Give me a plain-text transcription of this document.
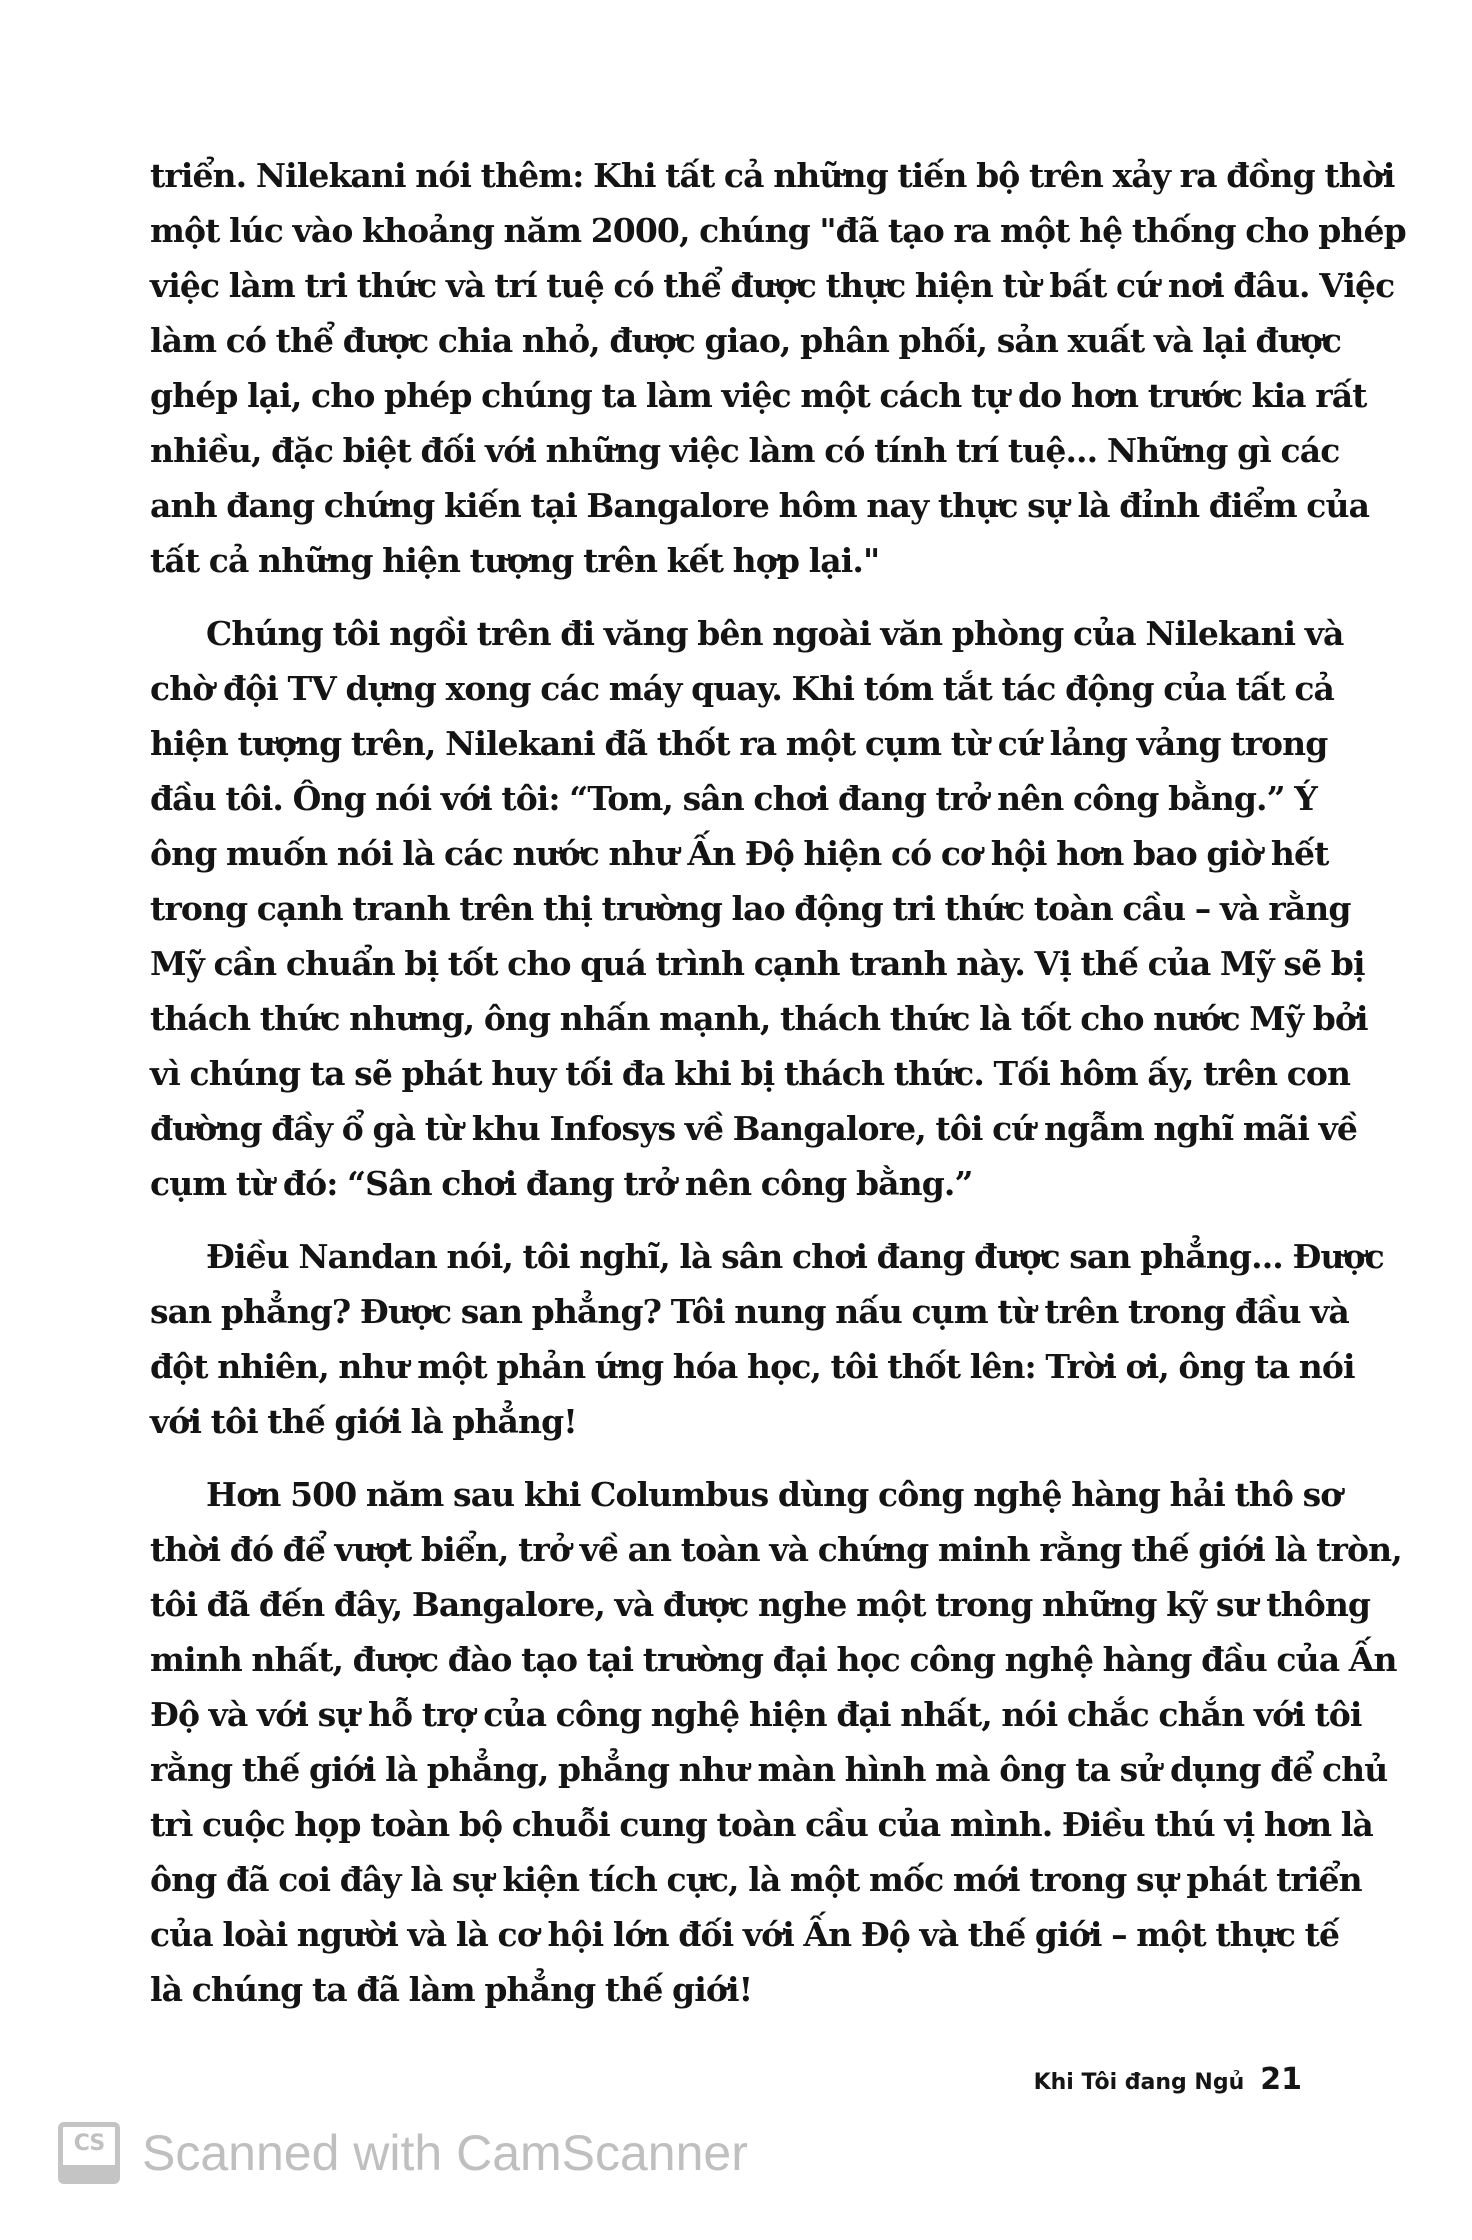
triển. Nilekani nói thêm: Khi tất cả những tiến bộ trên xảy ra đồng thời
một lúc vào khoảng năm 2000, chúng "đã tạo ra một hệ thống cho phép
việc làm tri thức và trí tuệ có thể được thực hiện từ bất cứ nơi đâu. Việc
làm có thể được chia nhỏ, được giao, phân phối, sản xuất và lại được
ghép lại, cho phép chúng ta làm việc một cách tự do hơn trước kia rất
nhiều, đặc biệt đối với những việc làm có tính trí tuệ... Những gì các
anh đang chứng kiến tại Bangalore hôm nay thực sự là đỉnh điểm của
tất cả những hiện tượng trên kết hợp lại."
Chúng tôi ngồi trên đi văng bên ngoài văn phòng của Nilekani và
chờ đội TV dựng xong các máy quay. Khi tóm tắt tác động của tất cả
hiện tượng trên, Nilekani đã thốt ra một cụm từ cứ lảng vảng trong
đầu tôi. Ông nói với tôi: “Tom, sân chơi đang trở nên công bằng.” Ý
ông muốn nói là các nước như Ấn Độ hiện có cơ hội hơn bao giờ hết
trong cạnh tranh trên thị trường lao động tri thức toàn cầu – và rằng
Mỹ cần chuẩn bị tốt cho quá trình cạnh tranh này. Vị thế của Mỹ sẽ bị
thách thức nhưng, ông nhấn mạnh, thách thức là tốt cho nước Mỹ bởi
vì chúng ta sẽ phát huy tối đa khi bị thách thức. Tối hôm ấy, trên con
đường đầy ổ gà từ khu Infosys về Bangalore, tôi cứ ngẫm nghĩ mãi về
cụm từ đó: “Sân chơi đang trở nên công bằng.”
Điều Nandan nói, tôi nghĩ, là sân chơi đang được san phẳng... Được
san phẳng? Được san phẳng? Tôi nung nấu cụm từ trên trong đầu và
đột nhiên, như một phản ứng hóa học, tôi thốt lên: Trời ơi, ông ta nói
với tôi thế giới là phẳng!
Hơn 500 năm sau khi Columbus dùng công nghệ hàng hải thô sơ
thời đó để vượt biển, trở về an toàn và chứng minh rằng thế giới là tròn,
tôi đã đến đây, Bangalore, và được nghe một trong những kỹ sư thông
minh nhất, được đào tạo tại trường đại học công nghệ hàng đầu của Ấn
Độ và với sự hỗ trợ của công nghệ hiện đại nhất, nói chắc chắn với tôi
rằng thế giới là phẳng, phẳng như màn hình mà ông ta sử dụng để chủ
trì cuộc họp toàn bộ chuỗi cung toàn cầu của mình. Điều thú vị hơn là
ông đã coi đây là sự kiện tích cực, là một mốc mới trong sự phát triển
của loài người và là cơ hội lớn đối với Ấn Độ và thế giới – một thực tế
là chúng ta đã làm phẳng thế giới!
Khi Tôi đang Ngủ 21
CS Scanned with CamScanner
